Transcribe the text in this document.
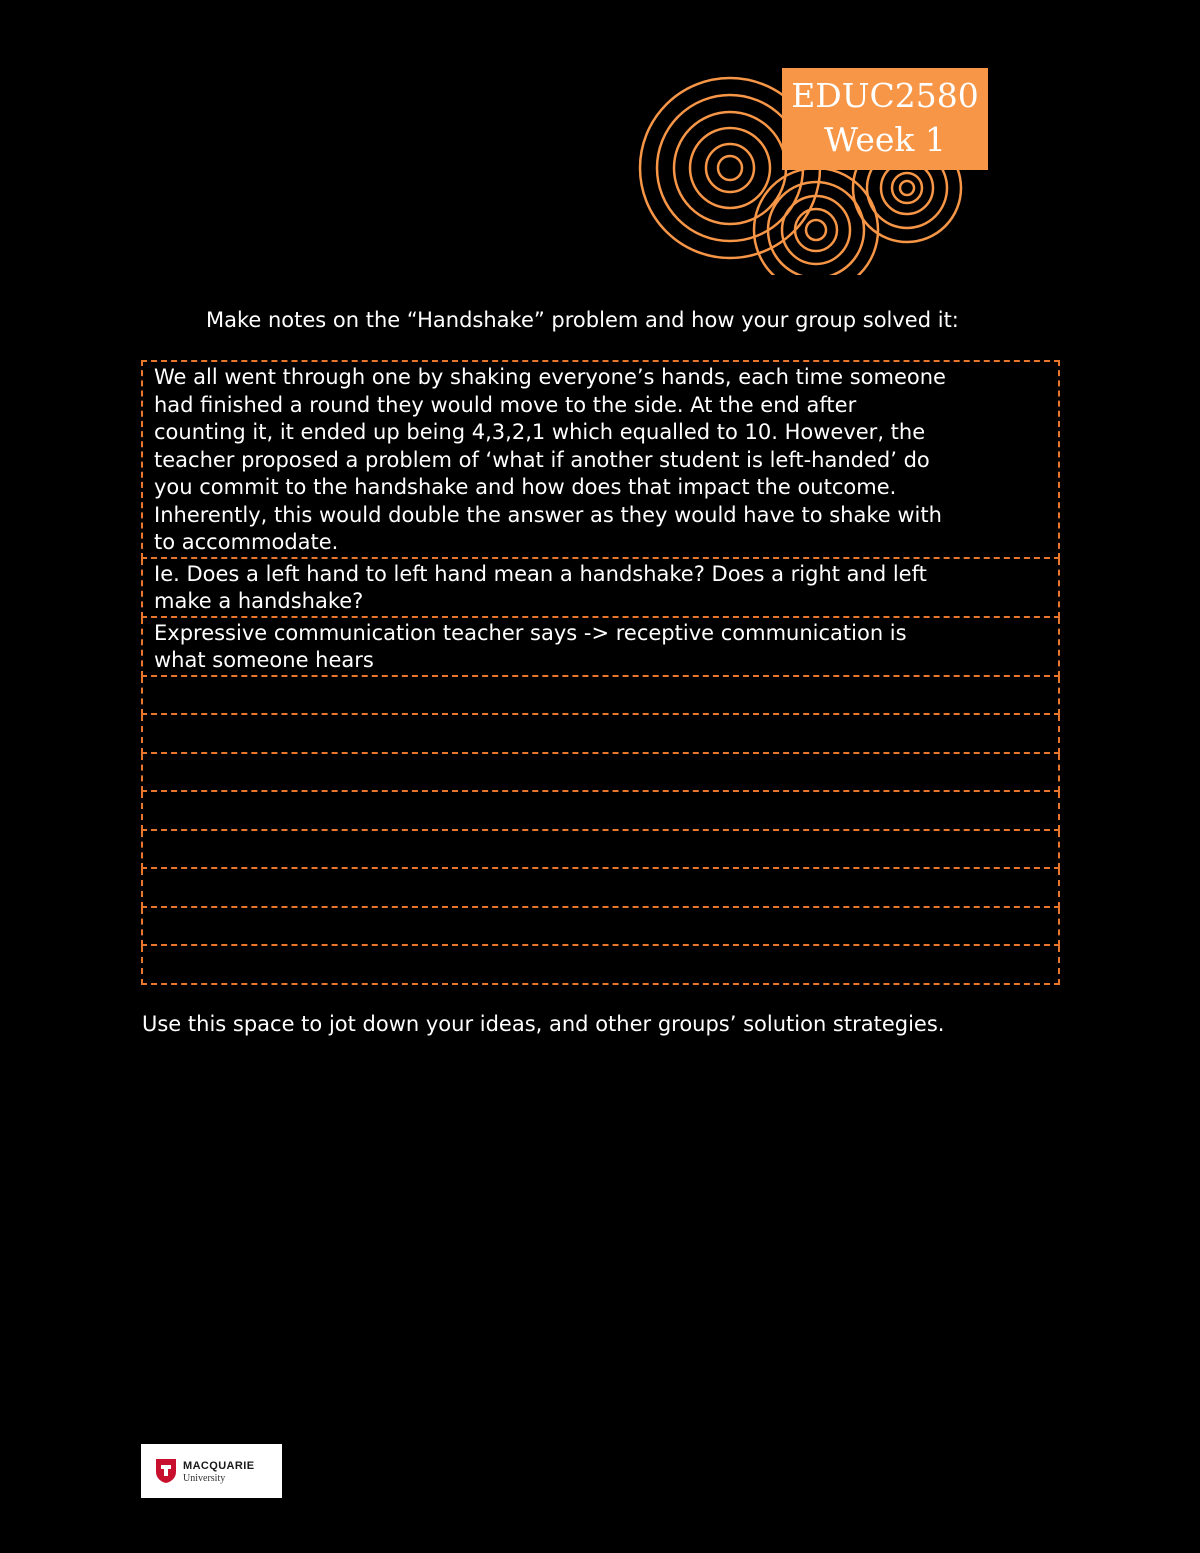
EDUC2580
Week 1
Make notes on the “Handshake” problem and how your group solved it:
We all went through one by shaking everyone’s hands, each time someone
had finished a round they would move to the side. At the end after
counting it, it ended up being 4,3,2,1 which equalled to 10. However, the
teacher proposed a problem of ‘what if another student is left-handed’ do
you commit to the handshake and how does that impact the outcome.
Inherently, this would double the answer as they would have to shake with
to accommodate.
Ie. Does a left hand to left hand mean a handshake? Does a right and left
make a handshake?
Expressive communication teacher says -> receptive communication is
what someone hears
Use this space to jot down your ideas, and other groups’ solution strategies.
MACQUARIE
University
